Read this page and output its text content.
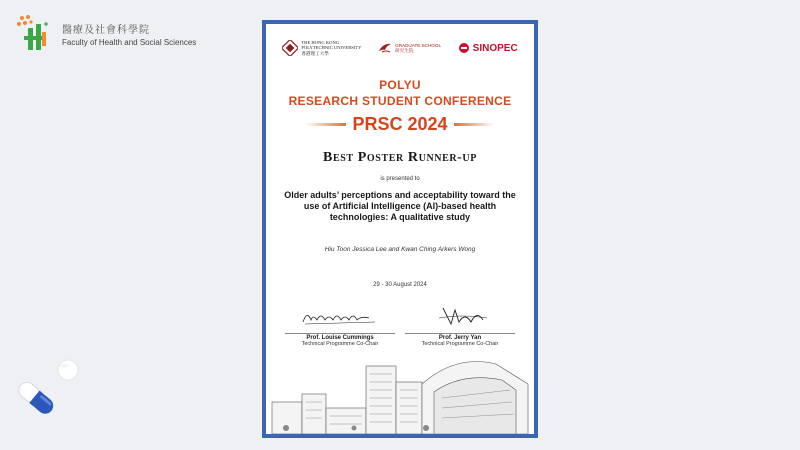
醫療及社會科學院
Faculty of Health and Social Sciences	THE HONG KONG
POLYTECHNIC UNIVERSITY
香港理工大學
GRADUATE SCHOOL
研究生院	SINOPEC
POLYU
RESEARCH STUDENT CONFERENCE
PRSC 2024
Best Poster Runner-up
is presented to
Older adults’ perceptions and acceptability toward the use of Artificial Intelligence (AI)-based health technologies: A qualitative study
Hiu Toon Jessica Lee and Kwan Ching Arkers Wong
29 - 30 August 2024
Prof. Louise Cummings
Technical Programme Co-Chair
Prof. Jerry Yan
Technical Programme Co-Chair
